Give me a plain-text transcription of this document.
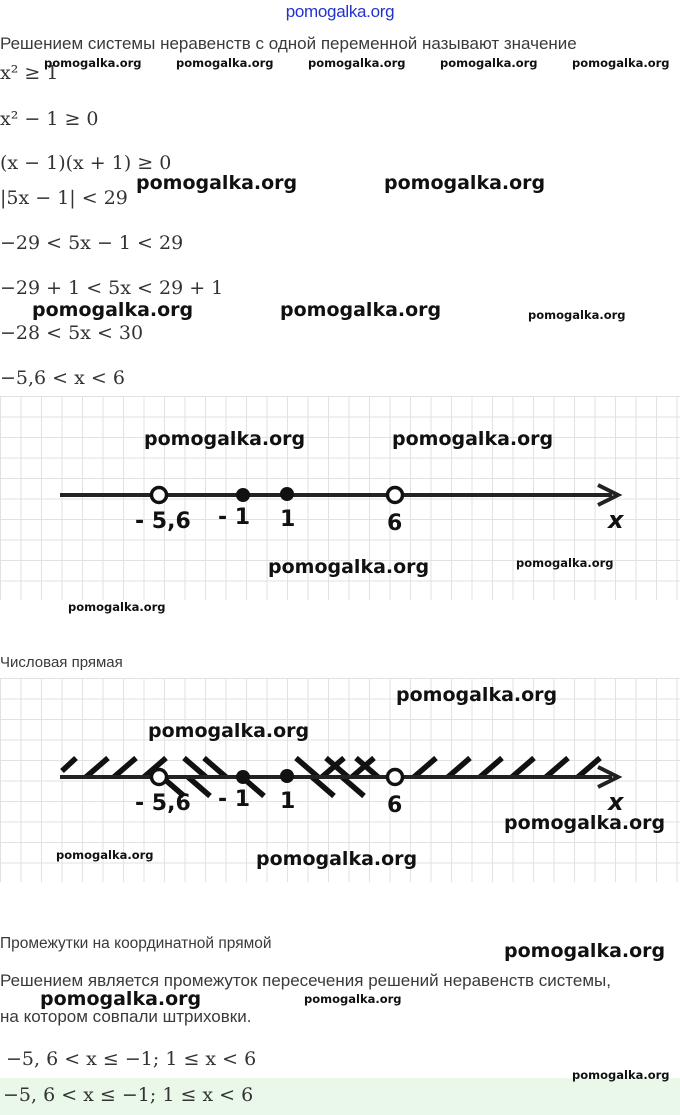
pomogalka.org
Решением системы неравенств с одной переменной называют значение
x² ≥ 1
x² − 1 ≥ 0
(x − 1)(x + 1) ≥ 0
|5x − 1| < 29
−29 < 5x − 1 < 29
−29 + 1 < 5x < 29 + 1
−28 < 5x < 30
−5,6 < x < 6
- 5,6 - 1 1	6	x
Числовая прямая
- 5,6 - 1 1	6	x
Промежутки на координатной прямой
Решением является промежуток пересечения решений неравенств системы,
на котором совпали штриховки.
−5, 6 < x ≤ −1; 1 ≤ x < 6
−5, 6 < x ≤ −1; 1 ≤ x < 6
pomogalka.org	pomogalka.org	pomogalka.org	pomogalka.org	pomogalka.org
pomogalka.org	pomogalka.org
pomogalka.org	pomogalka.org	pomogalka.org
pomogalka.org	pomogalka.org
pomogalka.org	pomogalka.org
pomogalka.org
pomogalka.org
pomogalka.org
pomogalka.org
pomogalka.org	pomogalka.org
pomogalka.org
pomogalka.org	pomogalka.org
pomogalka.org
